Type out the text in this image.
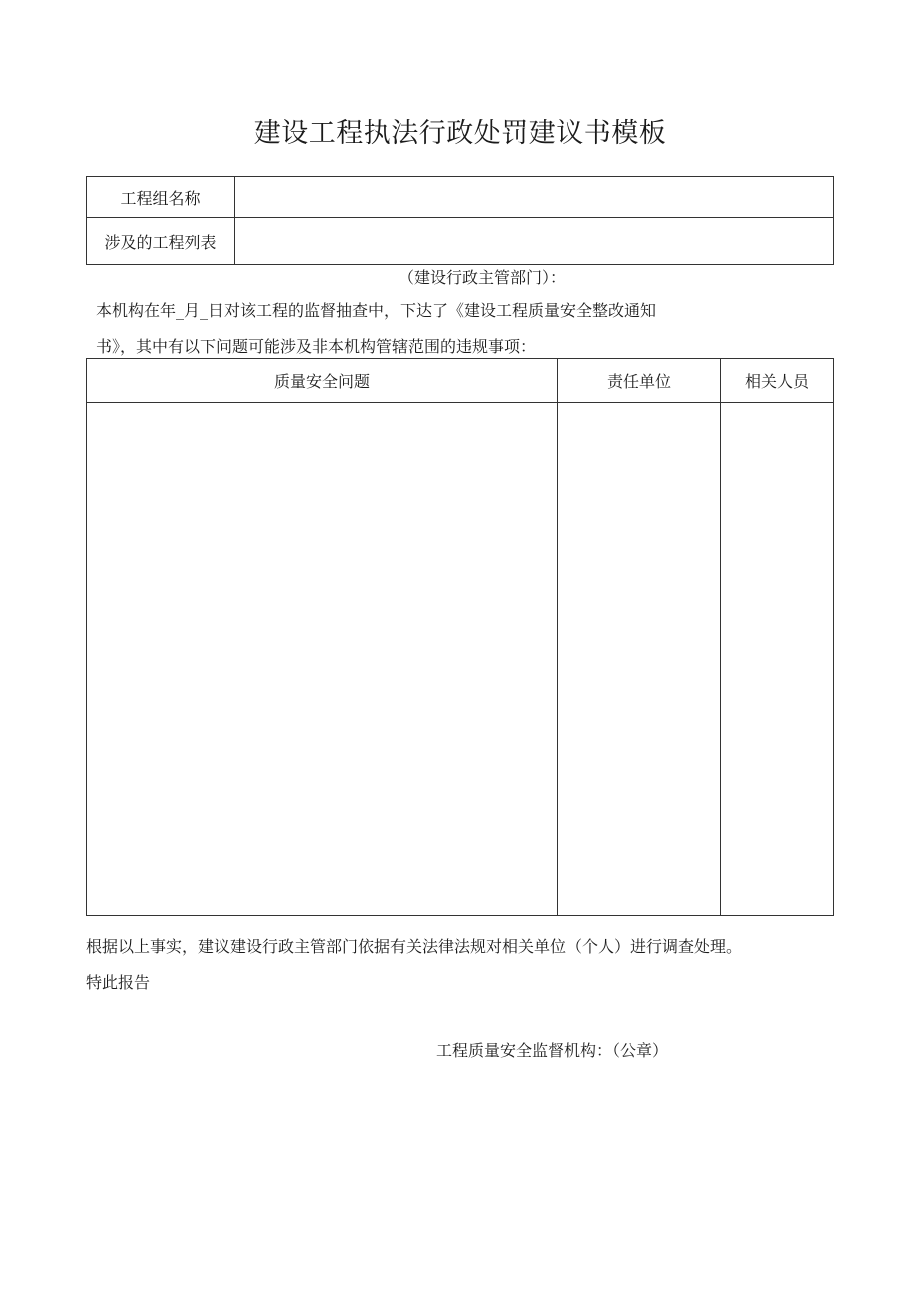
建设工程执法行政处罚建议书模板
工程组名称	
涉及的工程列表	
（建设行政主管部门）：
本机构在年_月_日对该工程的监督抽查中，下达了《建设工程质量安全整改通知
书》，其中有以下问题可能涉及非本机构管辖范围的违规事项：
质量安全问题	责任单位	相关人员

根据以上事实，建议建设行政主管部门依据有关法律法规对相关单位（个人）进行调查处理。
特此报告
工程质量安全监督机构：（公章）
